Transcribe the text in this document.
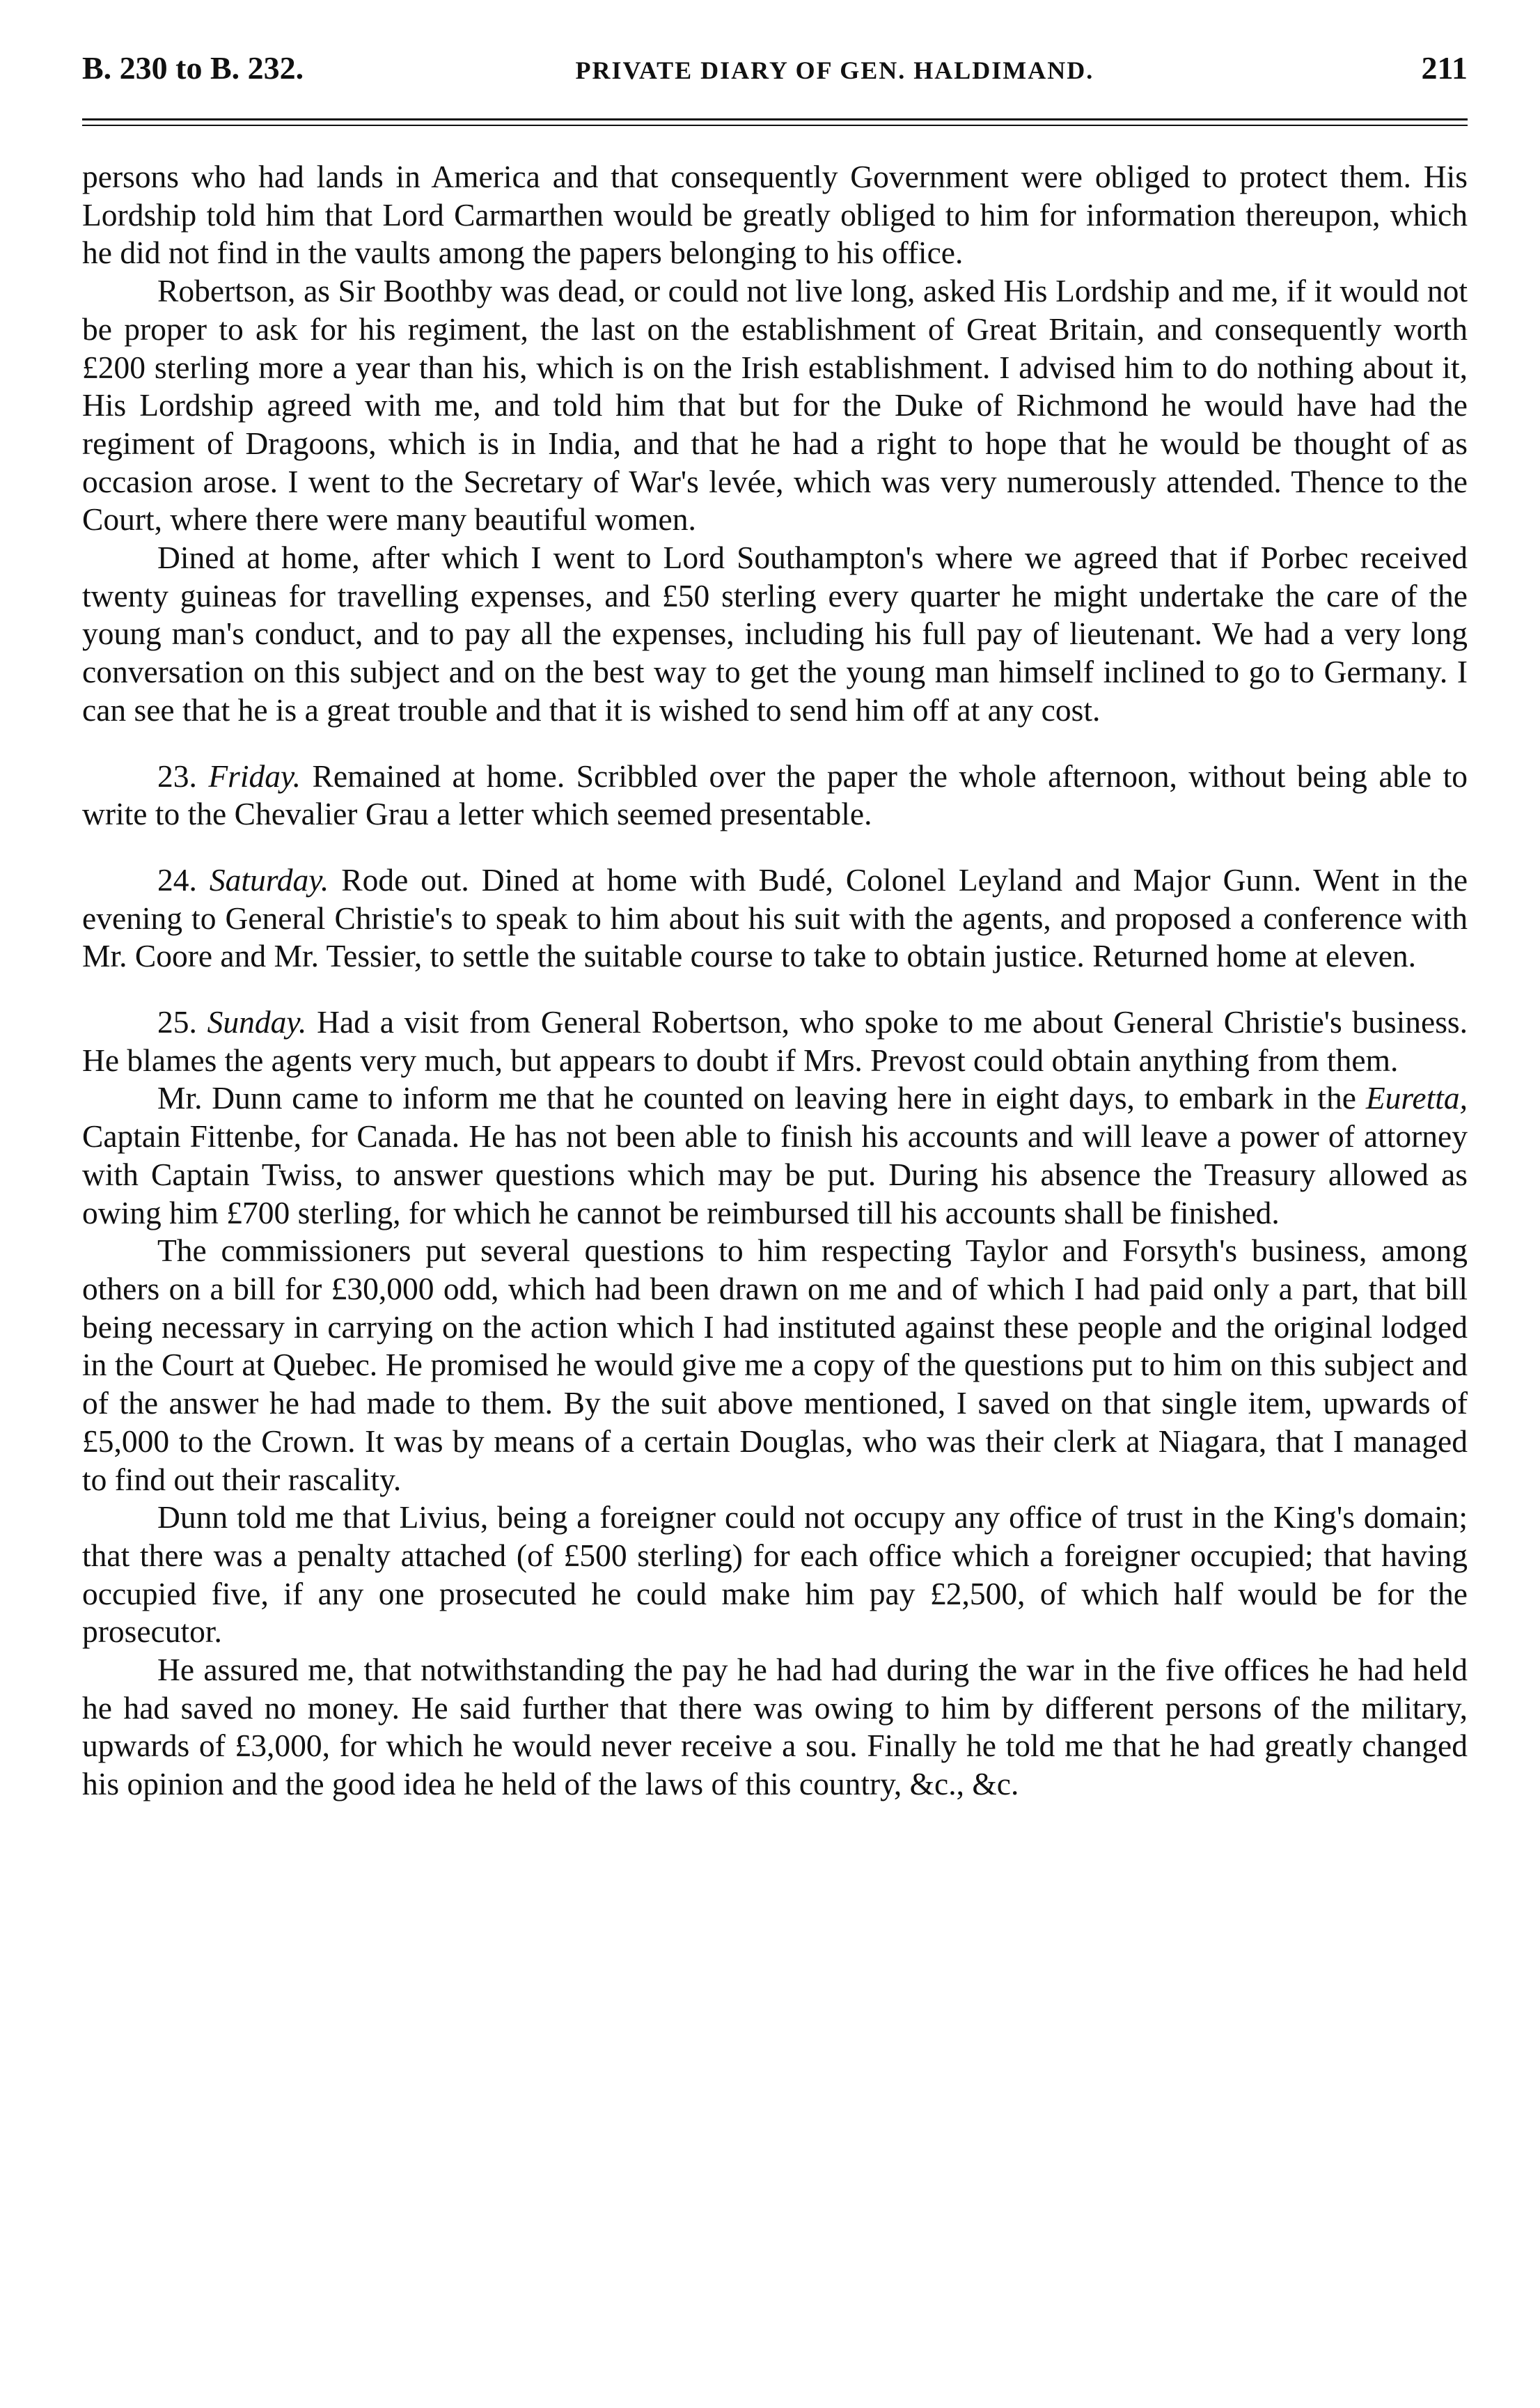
B. 230 to B. 232.	PRIVATE DIARY OF GEN. HALDIMAND.	211

persons who had lands in America and that consequently Government were obliged to protect them. His Lordship told him that Lord Carmarthen would be greatly obliged to him for information thereupon, which he did not find in the vaults among the papers belonging to his office.

Robertson, as Sir Boothby was dead, or could not live long, asked His Lordship and me, if it would not be proper to ask for his regiment, the last on the establishment of Great Britain, and consequently worth £200 sterling more a year than his, which is on the Irish establishment. I advised him to do nothing about it, His Lordship agreed with me, and told him that but for the Duke of Richmond he would have had the regiment of Dragoons, which is in India, and that he had a right to hope that he would be thought of as occasion arose. I went to the Secretary of War's levée, which was very numerously attended. Thence to the Court, where there were many beautiful women.

Dined at home, after which I went to Lord Southampton's where we agreed that if Porbec received twenty guineas for travelling expenses, and £50 sterling every quarter he might undertake the care of the young man's conduct, and to pay all the expenses, including his full pay of lieutenant. We had a very long conversation on this subject and on the best way to get the young man himself inclined to go to Germany. I can see that he is a great trouble and that it is wished to send him off at any cost.

23. Friday. Remained at home. Scribbled over the paper the whole afternoon, without being able to write to the Chevalier Grau a letter which seemed presentable.

24. Saturday. Rode out. Dined at home with Budé, Colonel Leyland and Major Gunn. Went in the evening to General Christie's to speak to him about his suit with the agents, and proposed a conference with Mr. Coore and Mr. Tessier, to settle the suitable course to take to obtain justice. Returned home at eleven.

25. Sunday. Had a visit from General Robertson, who spoke to me about General Christie's business. He blames the agents very much, but appears to doubt if Mrs. Prevost could obtain anything from them.

Mr. Dunn came to inform me that he counted on leaving here in eight days, to embark in the Euretta, Captain Fittenbe, for Canada. He has not been able to finish his accounts and will leave a power of attorney with Captain Twiss, to answer questions which may be put. During his absence the Treasury allowed as owing him £700 sterling, for which he cannot be reimbursed till his accounts shall be finished.

The commissioners put several questions to him respecting Taylor and Forsyth's business, among others on a bill for £30,000 odd, which had been drawn on me and of which I had paid only a part, that bill being necessary in carrying on the action which I had instituted against these people and the original lodged in the Court at Quebec. He promised he would give me a copy of the questions put to him on this subject and of the answer he had made to them. By the suit above mentioned, I saved on that single item, upwards of £5,000 to the Crown. It was by means of a certain Douglas, who was their clerk at Niagara, that I managed to find out their rascality.

Dunn told me that Livius, being a foreigner could not occupy any office of trust in the King's domain; that there was a penalty attached (of £500 sterling) for each office which a foreigner occupied; that having occupied five, if any one prosecuted he could make him pay £2,500, of which half would be for the prosecutor.

He assured me, that notwithstanding the pay he had had during the war in the five offices he had held he had saved no money. He said further that there was owing to him by different persons of the military, upwards of £3,000, for which he would never receive a sou. Finally he told me that he had greatly changed his opinion and the good idea he held of the laws of this country, &c., &c.
